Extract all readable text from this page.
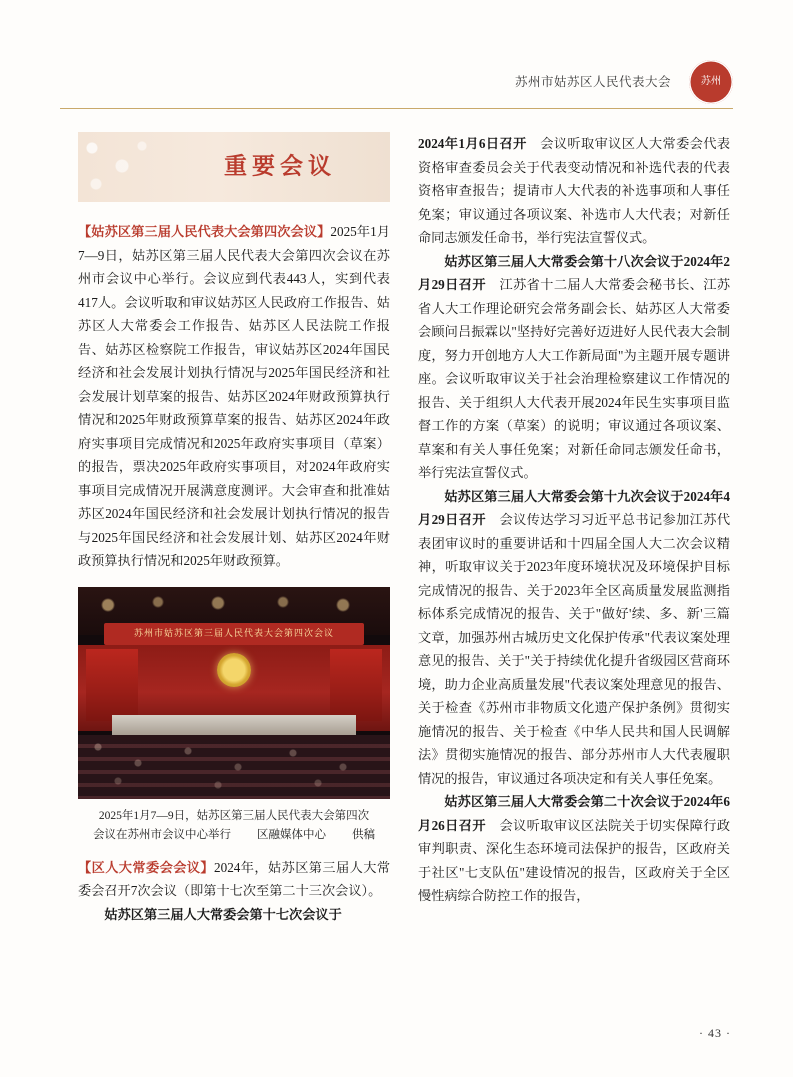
苏州市姑苏区人民代表大会	苏州
重要会议

【姑苏区第三届人民代表大会第四次会议】2025年1月7—9日，姑苏区第三届人民代表大会第四次会议在苏州市会议中心举行。会议应到代表443人，实到代表417人。会议听取和审议姑苏区人民政府工作报告、姑苏区人大常委会工作报告、姑苏区人民法院工作报告、姑苏区检察院工作报告，审议姑苏区2024年国民经济和社会发展计划执行情况与2025年国民经济和社会发展计划草案的报告、姑苏区2024年财政预算执行情况和2025年财政预算草案的报告、姑苏区2024年政府实事项目完成情况和2025年政府实事项目（草案）的报告，票决2025年政府实事项目，对2024年政府实事项目完成情况开展满意度测评。大会审查和批准姑苏区2024年国民经济和社会发展计划执行情况的报告与2025年国民经济和社会发展计划、姑苏区2024年财政预算执行情况和2025年财政预算。

苏州市姑苏区第三届人民代表大会第四次会议
2025年1月7—9日，姑苏区第三届人民代表大会第四次
会议在苏州市会议中心举行 区融媒体中心 供稿

【区人大常委会会议】2024年，姑苏区第三届人大常委会召开7次会议（即第十七次至第二十三次会议）。

姑苏区第三届人大常委会第十七次会议于

2024年1月6日召开　 会议听取审议区人大常委会代表资格审查委员会关于代表变动情况和补选代表的代表资格审查报告；提请市人大代表的补选事项和人事任免案；审议通过各项议案、补选市人大代表；对新任命同志颁发任命书，举行宪法宣誓仪式。

姑苏区第三届人大常委会第十八次会议于2024年2月29日召开　 江苏省十二届人大常委会秘书长、江苏省人大工作理论研究会常务副会长、姑苏区人大常委会顾问吕振霖以"坚持好完善好迈进好人民代表大会制度，努力开创地方人大工作新局面"为主题开展专题讲座。会议听取审议关于社会治理检察建议工作情况的报告、关于组织人大代表开展2024年民生实事项目监督工作的方案（草案）的说明；审议通过各项议案、草案和有关人事任免案；对新任命同志颁发任命书，举行宪法宣誓仪式。

姑苏区第三届人大常委会第十九次会议于2024年4月29日召开　 会议传达学习习近平总书记参加江苏代表团审议时的重要讲话和十四届全国人大二次会议精神，听取审议关于2023年度环境状况及环境保护目标完成情况的报告、关于2023年全区高质量发展监测指标体系完成情况的报告、关于"做好'续、多、新'三篇文章，加强苏州古城历史文化保护传承"代表议案处理意见的报告、关于"关于持续优化提升省级园区营商环境，助力企业高质量发展"代表议案处理意见的报告、关于检查《苏州市非物质文化遗产保护条例》贯彻实施情况的报告、关于检查《中华人民共和国人民调解法》贯彻实施情况的报告、部分苏州市人大代表履职情况的报告，审议通过各项决定和有关人事任免案。

姑苏区第三届人大常委会第二十次会议于2024年6月26日召开　 会议听取审议区法院关于切实保障行政审判职责、深化生态环境司法保护的报告，区政府关于社区"七支队伍"建设情况的报告，区政府关于全区慢性病综合防控工作的报告，

· 43 ·
